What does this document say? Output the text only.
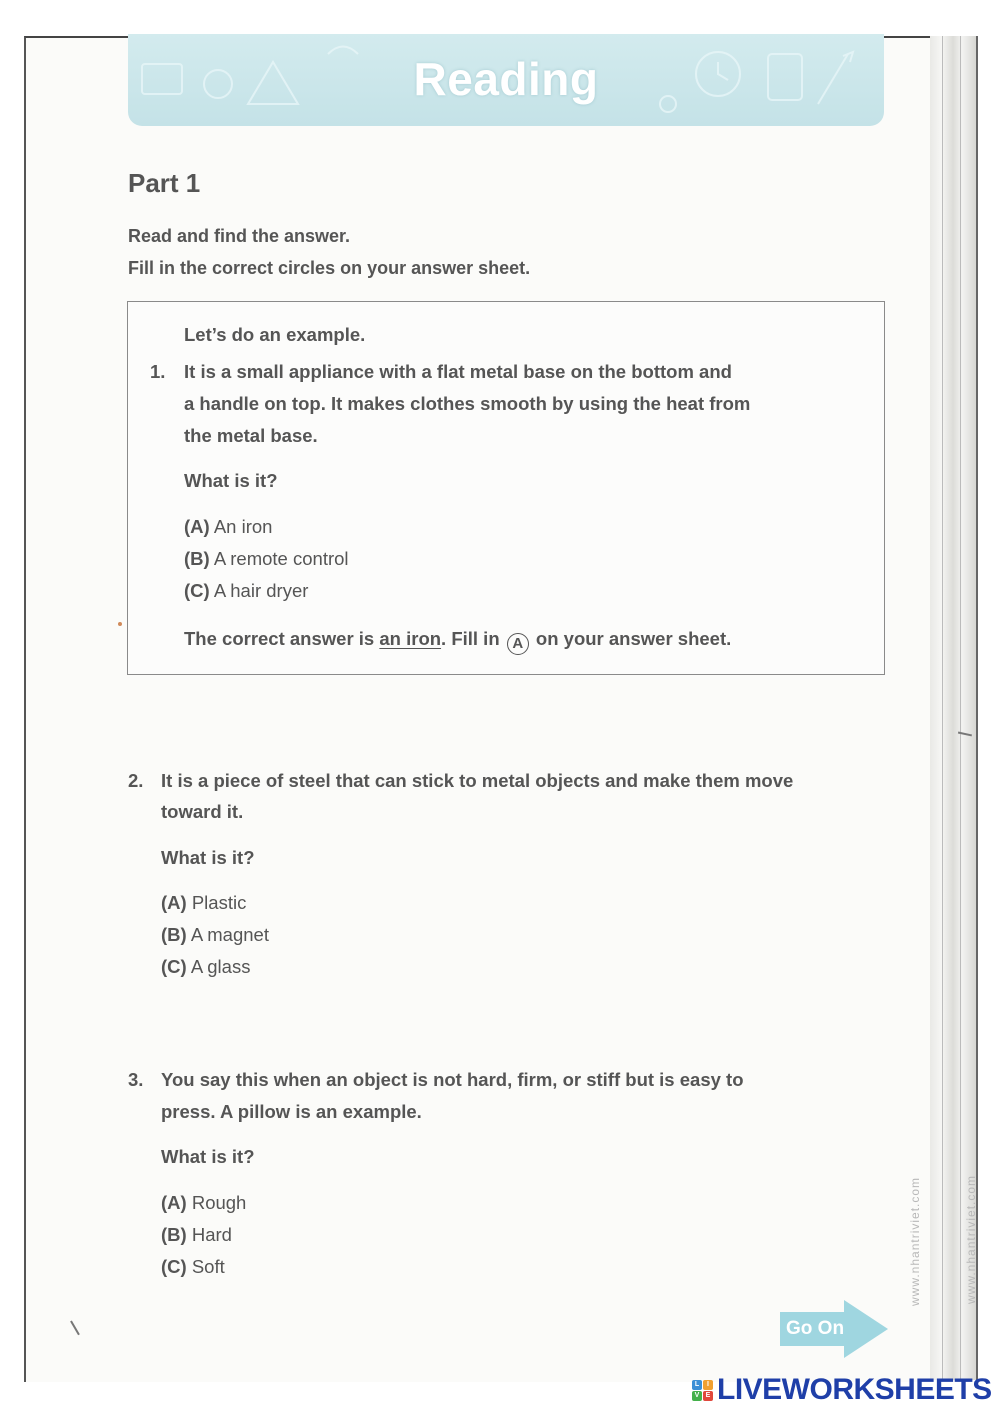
Reading
Part 1
Read and find the answer.
Fill in the correct circles on your answer sheet.
Let’s do an example.
1. It is a small appliance with a flat metal base on the bottom and
a handle on top. It makes clothes smooth by using the heat from
the metal base.
What is it?
(A) An iron
(B) A remote control
(C) A hair dryer
The correct answer is an iron. Fill in A on your answer sheet.
2. It is a piece of steel that can stick to metal objects and make them move
toward it.
What is it?
(A) Plastic
(B) A magnet
(C) A glass
3. You say this when an object is not hard, firm, or stiff but is easy to
press. A pillow is an example.
What is it?
(A) Rough
(B) Hard
(C) Soft	www.nhantriviet.com	www.nhantriviet.com
Go On
L	I
V E LIVEWORKSHEETS
